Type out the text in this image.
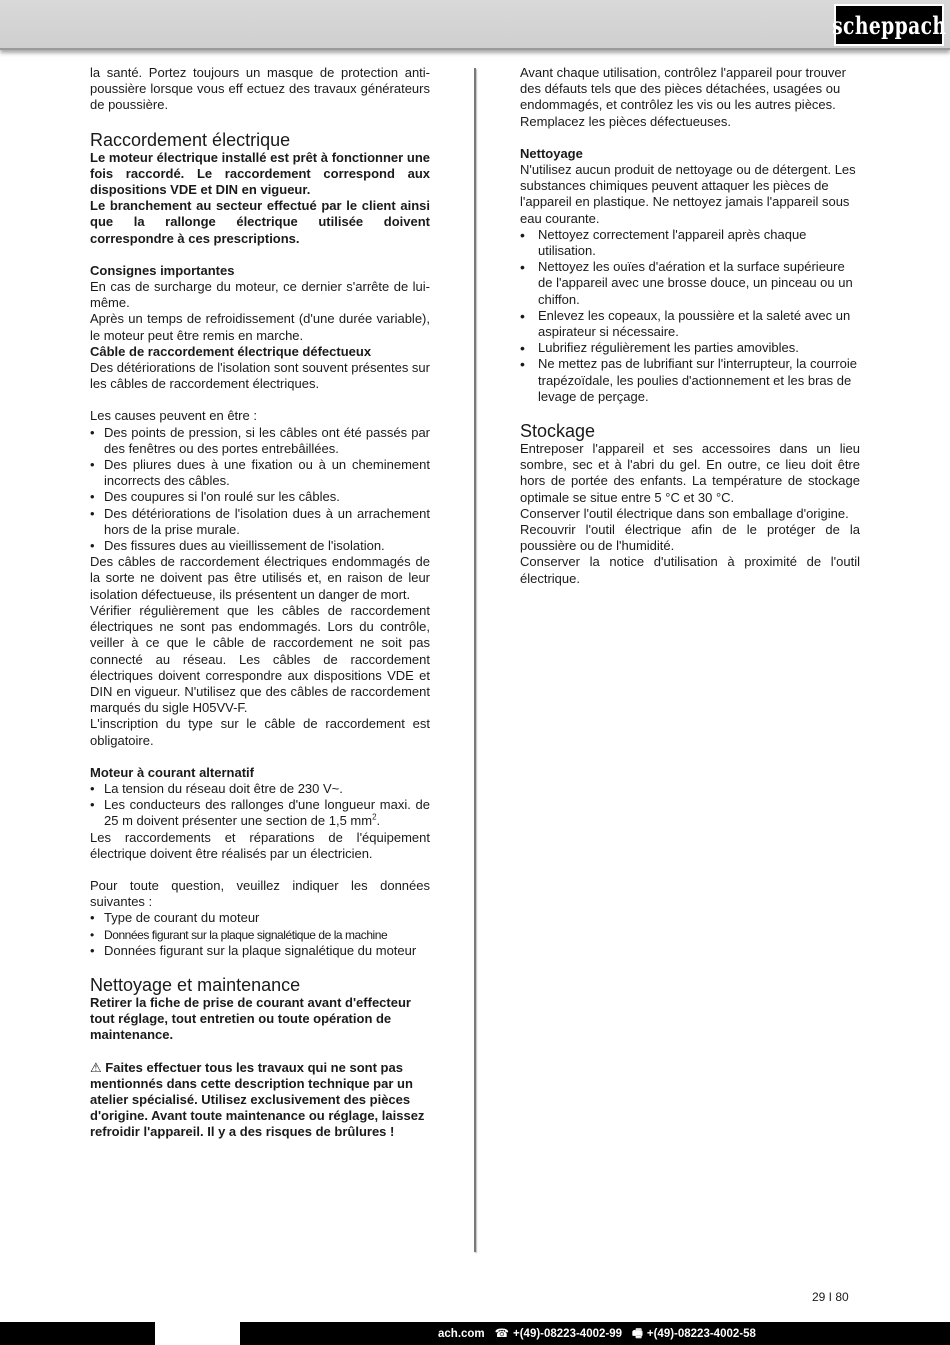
scheppach

la santé. Portez toujours un masque de protection anti-poussière lorsque vous eff ectuez des travaux générateurs de poussière.

Raccordement électrique

Le moteur électrique installé est prêt à fonctionner une fois raccordé. Le raccordement correspond aux dispositions VDE et DIN en vigueur.

Le branchement au secteur effectué par le client ainsi que la rallonge électrique utilisée doivent correspondre à ces prescriptions.

Consignes importantes

En cas de surcharge du moteur, ce dernier s'arrête de lui-même.

Après un temps de refroidissement (d'une durée variable), le moteur peut être remis en marche.

Câble de raccordement électrique défectueux

Des détériorations de l'isolation sont souvent présentes sur les câbles de raccordement électriques.

Les causes peuvent en être :

• Des points de pression, si les câbles ont été passés par des fenêtres ou des portes entrebâillées.
• Des pliures dues à une fixation ou à un cheminement incorrects des câbles.
• Des coupures si l'on roulé sur les câbles.
• Des détériorations de l'isolation dues à un arrachement hors de la prise murale.
• Des fissures dues au vieillissement de l'isolation.

Des câbles de raccordement électriques endommagés de la sorte ne doivent pas être utilisés et, en raison de leur isolation défectueuse, ils présentent un danger de mort.

Vérifier régulièrement que les câbles de raccordement électriques ne sont pas endommagés. Lors du contrôle, veiller à ce que le câble de raccordement ne soit pas connecté au réseau. Les câbles de raccordement électriques doivent correspondre aux dispositions VDE et DIN en vigueur. N'utilisez que des câbles de raccordement marqués du sigle H05VV-F.

L'inscription du type sur le câble de raccordement est obligatoire.

Moteur à courant alternatif
• La tension du réseau doit être de 230 V~.
• Les conducteurs des rallonges d'une longueur maxi. de 25 m doivent présenter une section de 1,5 $mm^2$.

Les raccordements et réparations de l'équipement électrique doivent être réalisés par un électricien.

Pour toute question, veuillez indiquer les données suivantes :

• Type de courant du moteur
• Données figurant sur la plaque signalétique de la machine
• Données figurant sur la plaque signalétique du moteur
Nettoyage et maintenance

Retirer la fiche de prise de courant avant d'effecteur tout réglage, tout entretien ou toute opération de maintenance.

⚠ Faites effectuer tous les travaux qui ne sont pas mentionnés dans cette description technique par un atelier spécialisé. Utilisez exclusivement des pièces d'origine. Avant toute maintenance ou réglage, laissez refroidir l'appareil. Il y a des risques de brûlures !

Avant chaque utilisation, contrôlez l'appareil pour trouver des défauts tels que des pièces détachées, usagées ou endommagés, et contrôlez les vis ou les autres pièces. Remplacez les pièces défectueuses.

Nettoyage

N'utilisez aucun produit de nettoyage ou de détergent. Les substances chimiques peuvent attaquer les pièces de l'appareil en plastique. Ne nettoyez jamais l'appareil sous eau courante.

• Nettoyez correctement l'appareil après chaque utilisation.
• Nettoyez les ouïes d'aération et la surface supérieure de l'appareil avec une brosse douce, un pinceau ou un chiffon.
• Enlevez les copeaux, la poussière et la saleté avec un aspirateur si nécessaire.
• Lubrifiez régulièrement les parties amovibles.
• Ne mettez pas de lubrifiant sur l'interrupteur, la courroie trapézoïdale, les poulies d'actionnement et les bras de levage de perçage.
Stockage

Entreposer l'appareil et ses accessoires dans un lieu sombre, sec et à l'abri du gel. En outre, ce lieu doit être hors de portée des enfants. La température de stockage optimale se situe entre 5 °C et 30 °C.

Conserver l'outil électrique dans son emballage d'origine.

Recouvrir l'outil électrique afin de le protéger de la poussière ou de l'humidité.

Conserver la notice d'utilisation à proximité de l'outil électrique.

29 I 80
ach.com ☎ +(49)-08223-4002-99 🖷 +(49)-08223-4002-58
